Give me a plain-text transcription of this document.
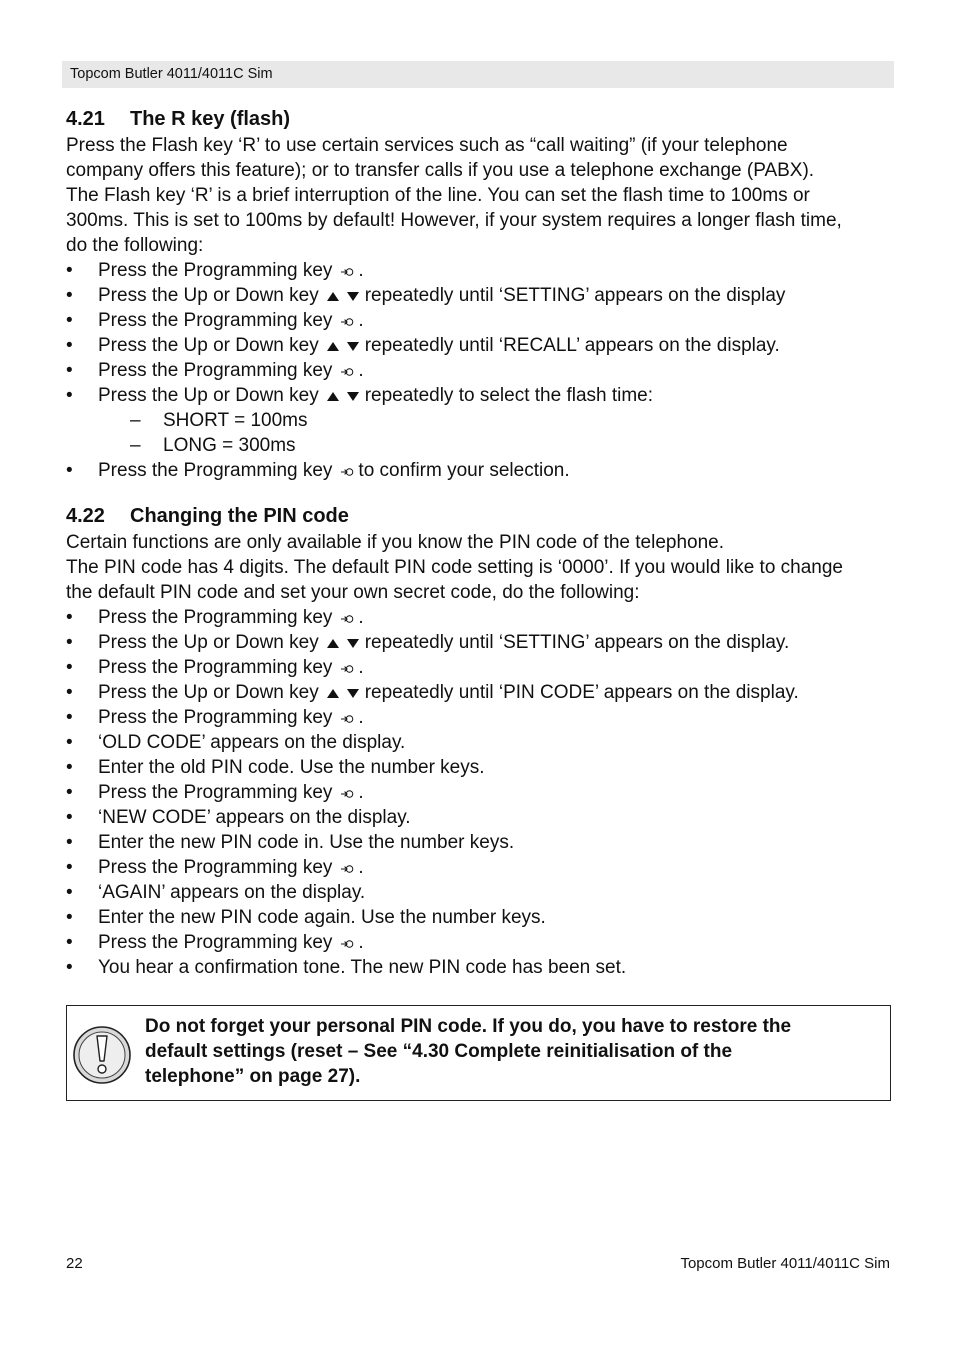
Topcom Butler 4011/4011C Sim
4.21 The R key (flash)
Press the Flash key ‘R’ to use certain services such as “call waiting” (if your telephone
company offers this feature); or to transfer calls if you use a telephone exchange (PABX).
The Flash key ‘R’ is a brief interruption of the line. You can set the flash time to 100ms or
300ms. This is set to 100ms by default! However, if your system requires a longer flash time,
do the following:
• Press the Programming key .
• Press the Up or Down key repeatedly until ‘SETTING’ appears on the display
• Press the Programming key .
• Press the Up or Down key repeatedly until ‘RECALL’ appears on the display.
• Press the Programming key .
• Press the Up or Down key repeatedly to select the flash time:
– SHORT = 100ms
– LONG = 300ms
• Press the Programming key to confirm your selection.
4.22 Changing the PIN code
Certain functions are only available if you know the PIN code of the telephone.
The PIN code has 4 digits. The default PIN code setting is ‘0000’. If you would like to change
the default PIN code and set your own secret code, do the following:
• Press the Programming key .
• Press the Up or Down key repeatedly until ‘SETTING’ appears on the display.
• Press the Programming key .
• Press the Up or Down key repeatedly until ‘PIN CODE’ appears on the display.
• Press the Programming key .
• ‘OLD CODE’ appears on the display.
• Enter the old PIN code. Use the number keys.
• Press the Programming key .
• ‘NEW CODE’ appears on the display.
• Enter the new PIN code in. Use the number keys.
• Press the Programming key .
• ‘AGAIN’ appears on the display.
• Enter the new PIN code again. Use the number keys.
• Press the Programming key .
• You hear a confirmation tone. The new PIN code has been set.
Do not forget your personal PIN code. If you do, you have to restore the
default settings (reset – See “4.30 Complete reinitialisation of the
telephone” on page 27).
22	Topcom Butler 4011/4011C Sim
